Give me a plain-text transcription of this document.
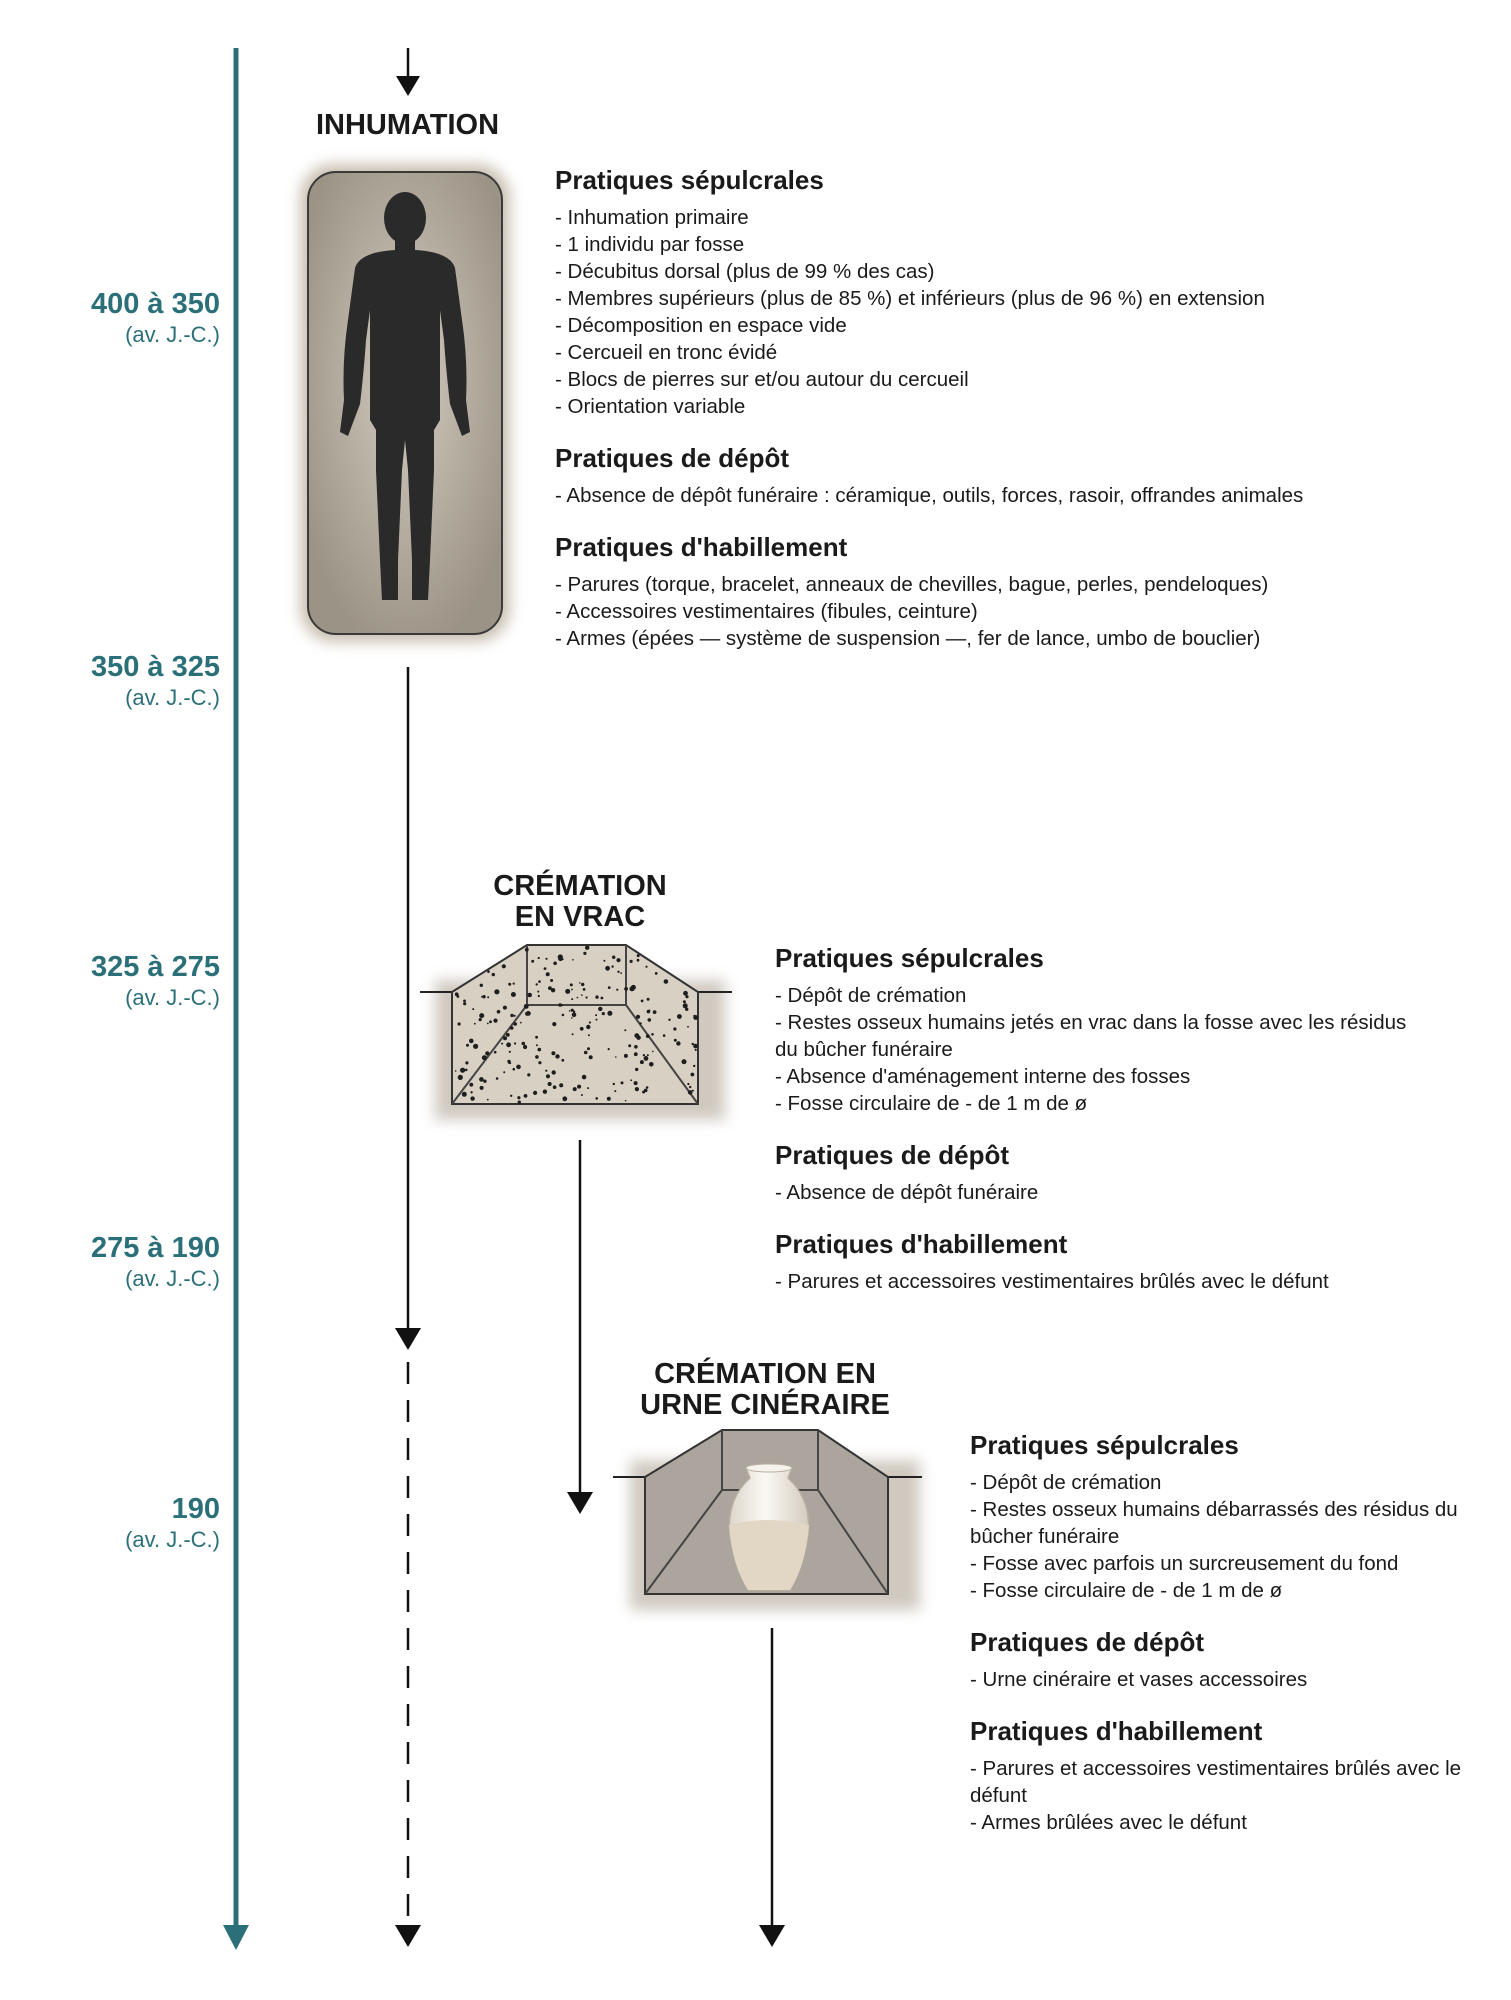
400 à 350
(av. J.-C.)
350 à 325
(av. J.-C.)
325 à 275
(av. J.-C.)
275 à 190
(av. J.-C.)
190
(av. J.-C.)
INHUMATION
CRÉMATION
EN VRAC
CRÉMATION EN
URNE CINÉRAIRE
Pratiques sépulcrales
- Inhumation primaire
- 1 individu par fosse
- Décubitus dorsal (plus de 99 % des cas)
- Membres supérieurs (plus de 85 %) et inférieurs (plus de 96 %) en extension
- Décomposition en espace vide
- Cercueil en tronc évidé
- Blocs de pierres sur et/ou autour du cercueil
- Orientation variable
Pratiques de dépôt
- Absence de dépôt funéraire : céramique, outils, forces, rasoir, offrandes animales
Pratiques d'habillement
- Parures (torque, bracelet, anneaux de chevilles, bague, perles, pendeloques)
- Accessoires vestimentaires (fibules, ceinture)
- Armes (épées — système de suspension —, fer de lance, umbo de bouclier)
Pratiques sépulcrales
- Dépôt de crémation
- Restes osseux humains jetés en vrac dans la fosse avec les résidus du bûcher funéraire
- Absence d'aménagement interne des fosses
- Fosse circulaire de - de 1 m de ø
Pratiques de dépôt
- Absence de dépôt funéraire
Pratiques d'habillement
- Parures et accessoires vestimentaires brûlés avec le défunt
Pratiques sépulcrales
- Dépôt de crémation
- Restes osseux humains débarrassés des résidus du bûcher funéraire
- Fosse avec parfois un surcreusement du fond
- Fosse circulaire de - de 1 m de ø
Pratiques de dépôt
- Urne cinéraire et vases accessoires
Pratiques d'habillement
- Parures et accessoires vestimentaires brûlés avec le défunt
- Armes brûlées avec le défunt
